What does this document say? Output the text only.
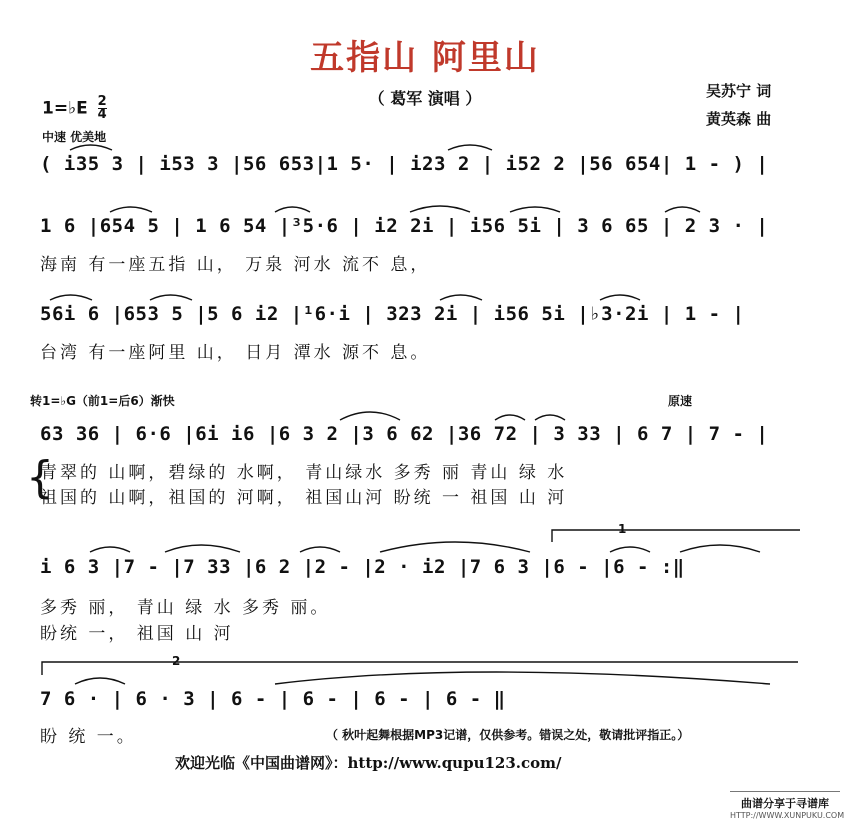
五指山 阿里山
（ 葛军 演唱 ）	吴苏宁 词
黄英森 曲
1=♭E $\frac{2}{4}$
中速 优美地
( i35 3 | i53 3 |56 653|1 5· | i23 2 | i52 2 |56 654| 1 - ) |
1 6 |654 5 | 1 6 54 |³5·6 | i2 2i | i56 5i | 3 6 65 | 2 3 · |
海南 有一座五指 山， 万泉 河水 流不 息，
56i 6 |653 5 |5 6 i2 |¹6·i | 323 2i | i56 5i |♭3·2i | 1 - |
台湾 有一座阿里 山， 日月 潭水 源不 息。
转1=♭G（前1=后6）渐快	原速
63 36 | 6·6 |6i i6 |6 3 2 |3 6 62 |36 72 | 3 33 | 6 7 | 7 - |
{
青翠的 山啊，碧绿的 水啊， 青山绿水 多秀 丽 青山 绿 水
祖国的 山啊，祖国的 河啊， 祖国山河 盼统 一 祖国 山 河
1
i 6 3 |7 - |7 33 |6 2 |2 - |2 · i2 |7 6 3 |6 - |6 - :‖
多秀 丽， 青山 绿 水 多秀 丽。
盼统 一， 祖国 山 河
2
7 6 · | 6 · 3 | 6 - | 6 - | 6 - | 6 - ‖
盼 统 一。	（ 秋叶起舞根据MP3记谱，仅供参考。错误之处，敬请批评指正。）
欢迎光临《中国曲谱网》：http://www.qupu123.com/
曲谱分享于寻谱库
HTTP://WWW.XUNPUKU.COM
